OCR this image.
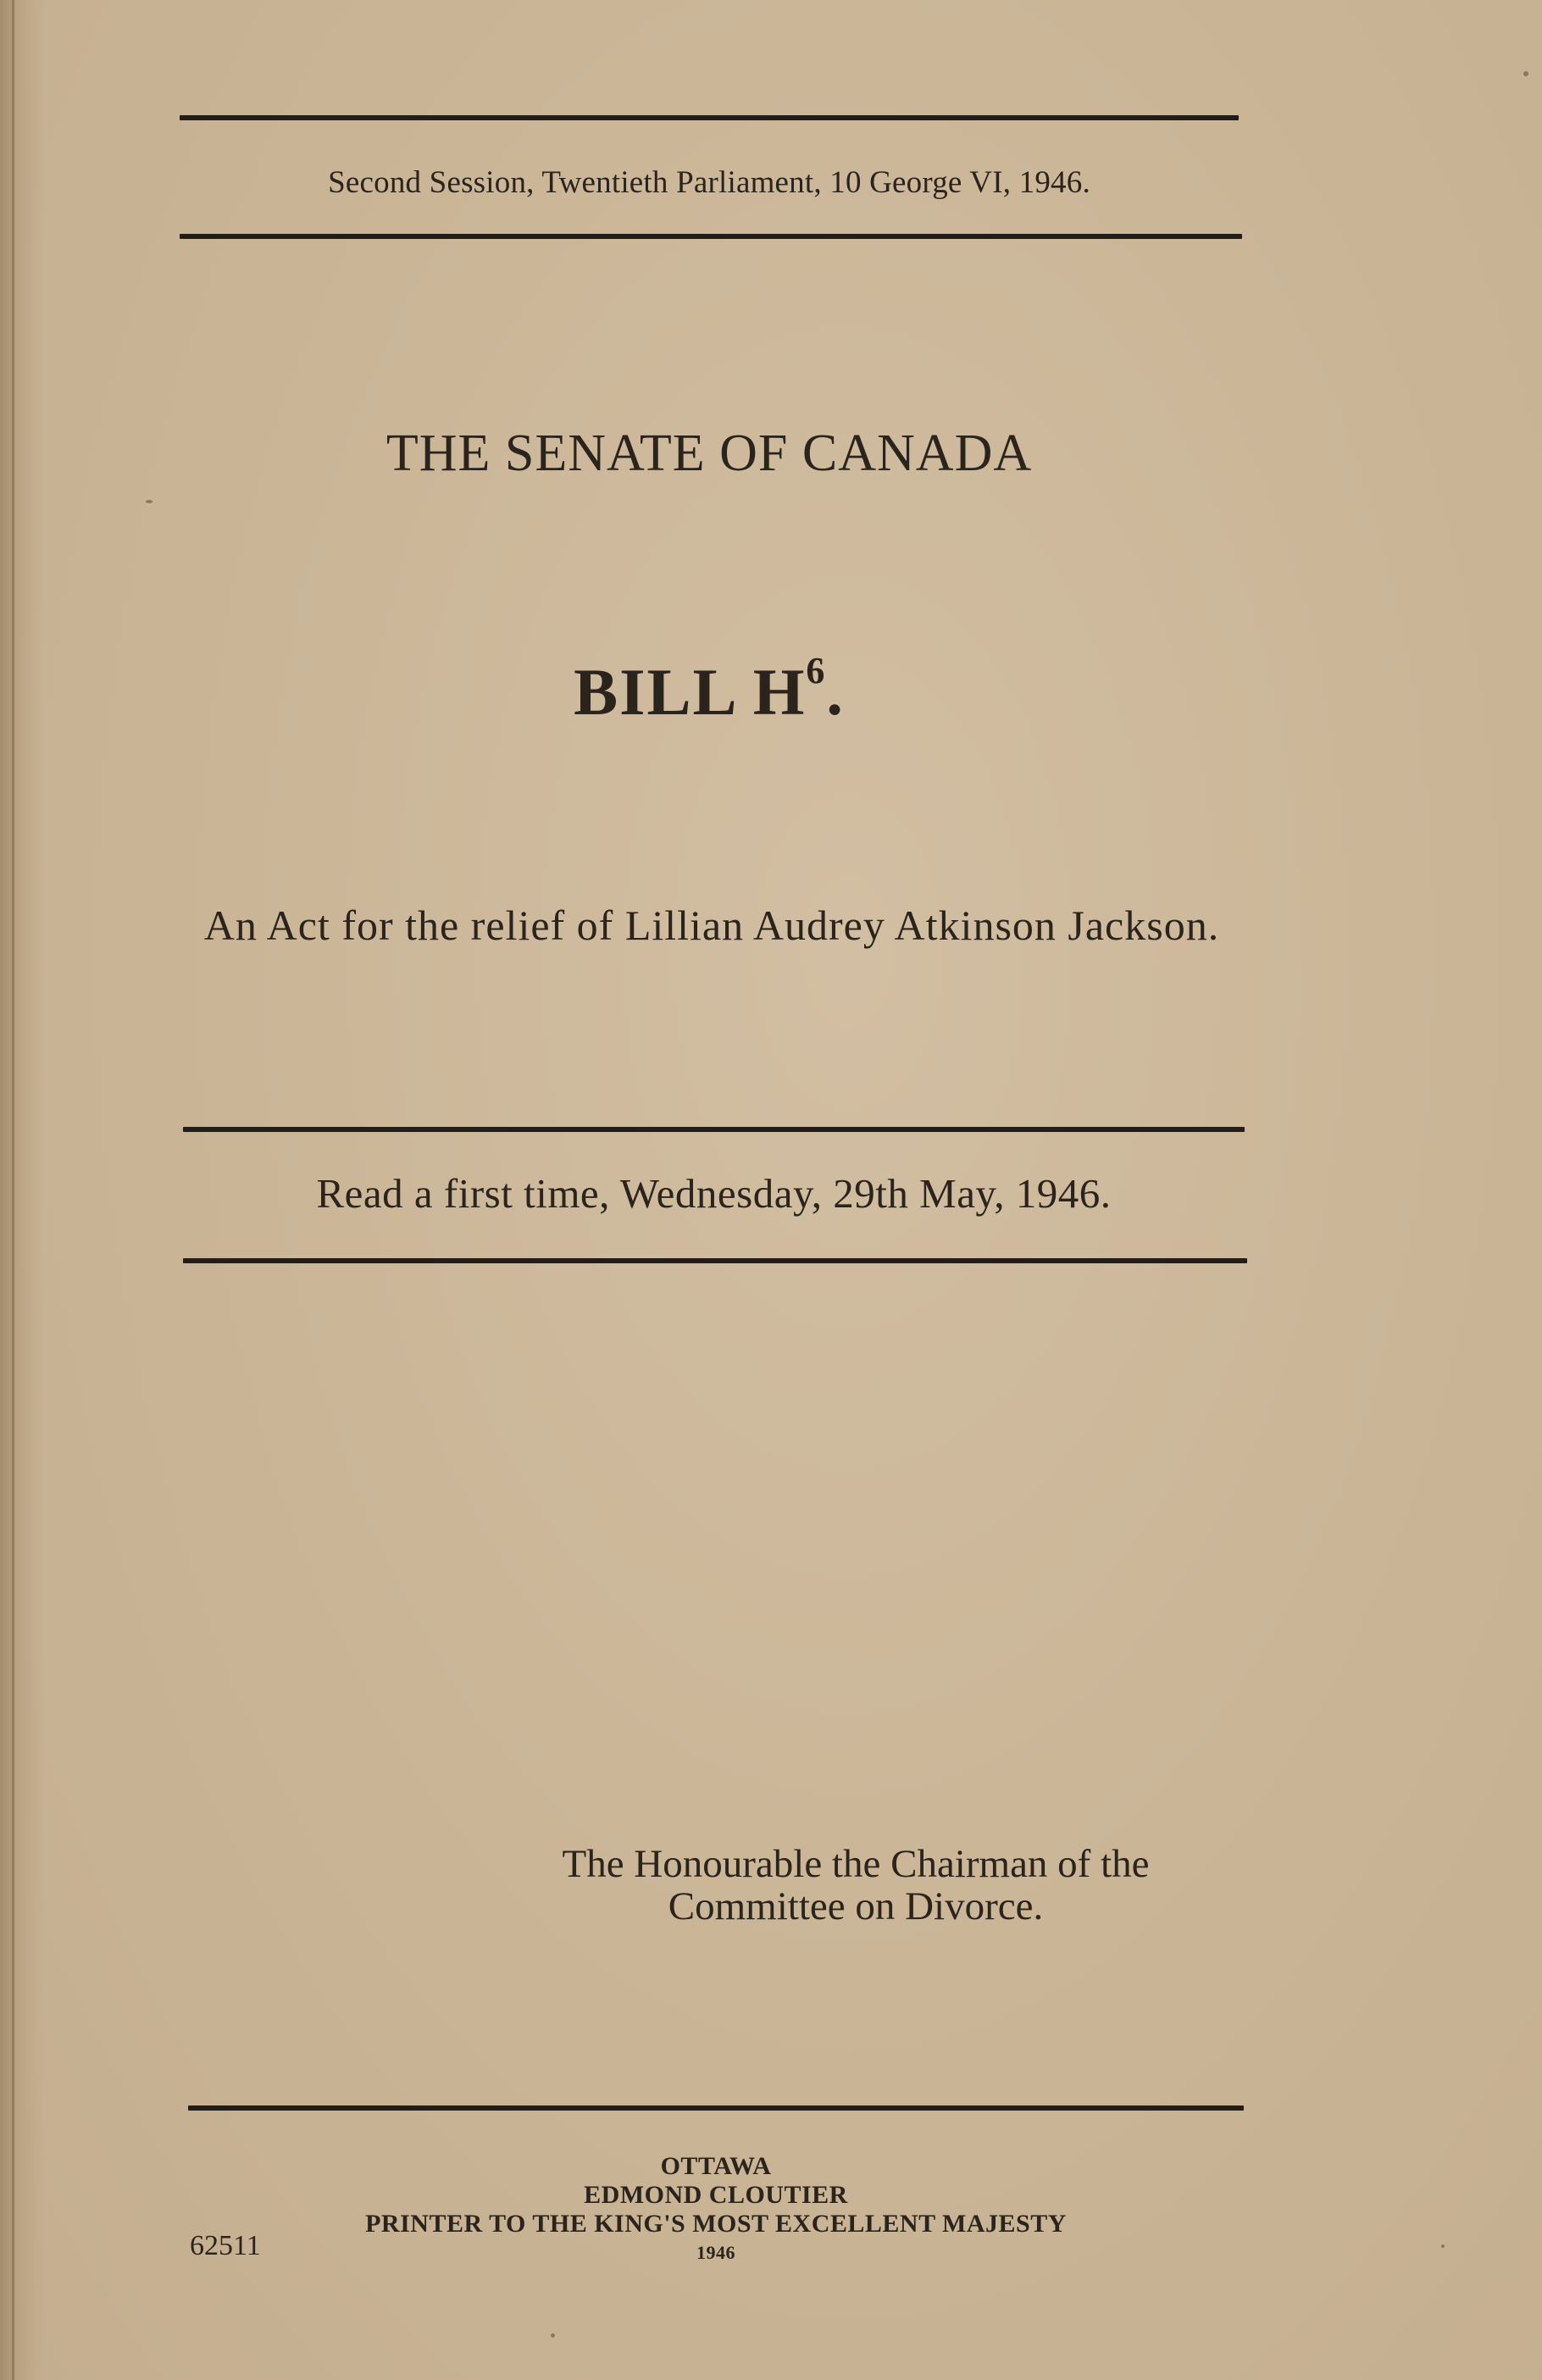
Second Session, Twentieth Parliament, 10 George VI, 1946.
THE SENATE OF CANADA
BILL $H^6$.
An Act for the relief of Lillian Audrey Atkinson Jackson.
Read a first time, Wednesday, 29th May, 1946.
The Honourable the Chairman of the
Committee on Divorce.
OTTAWA
EDMOND CLOUTIER
PRINTER TO THE KING'S MOST EXCELLENT MAJESTY
1946
62511
